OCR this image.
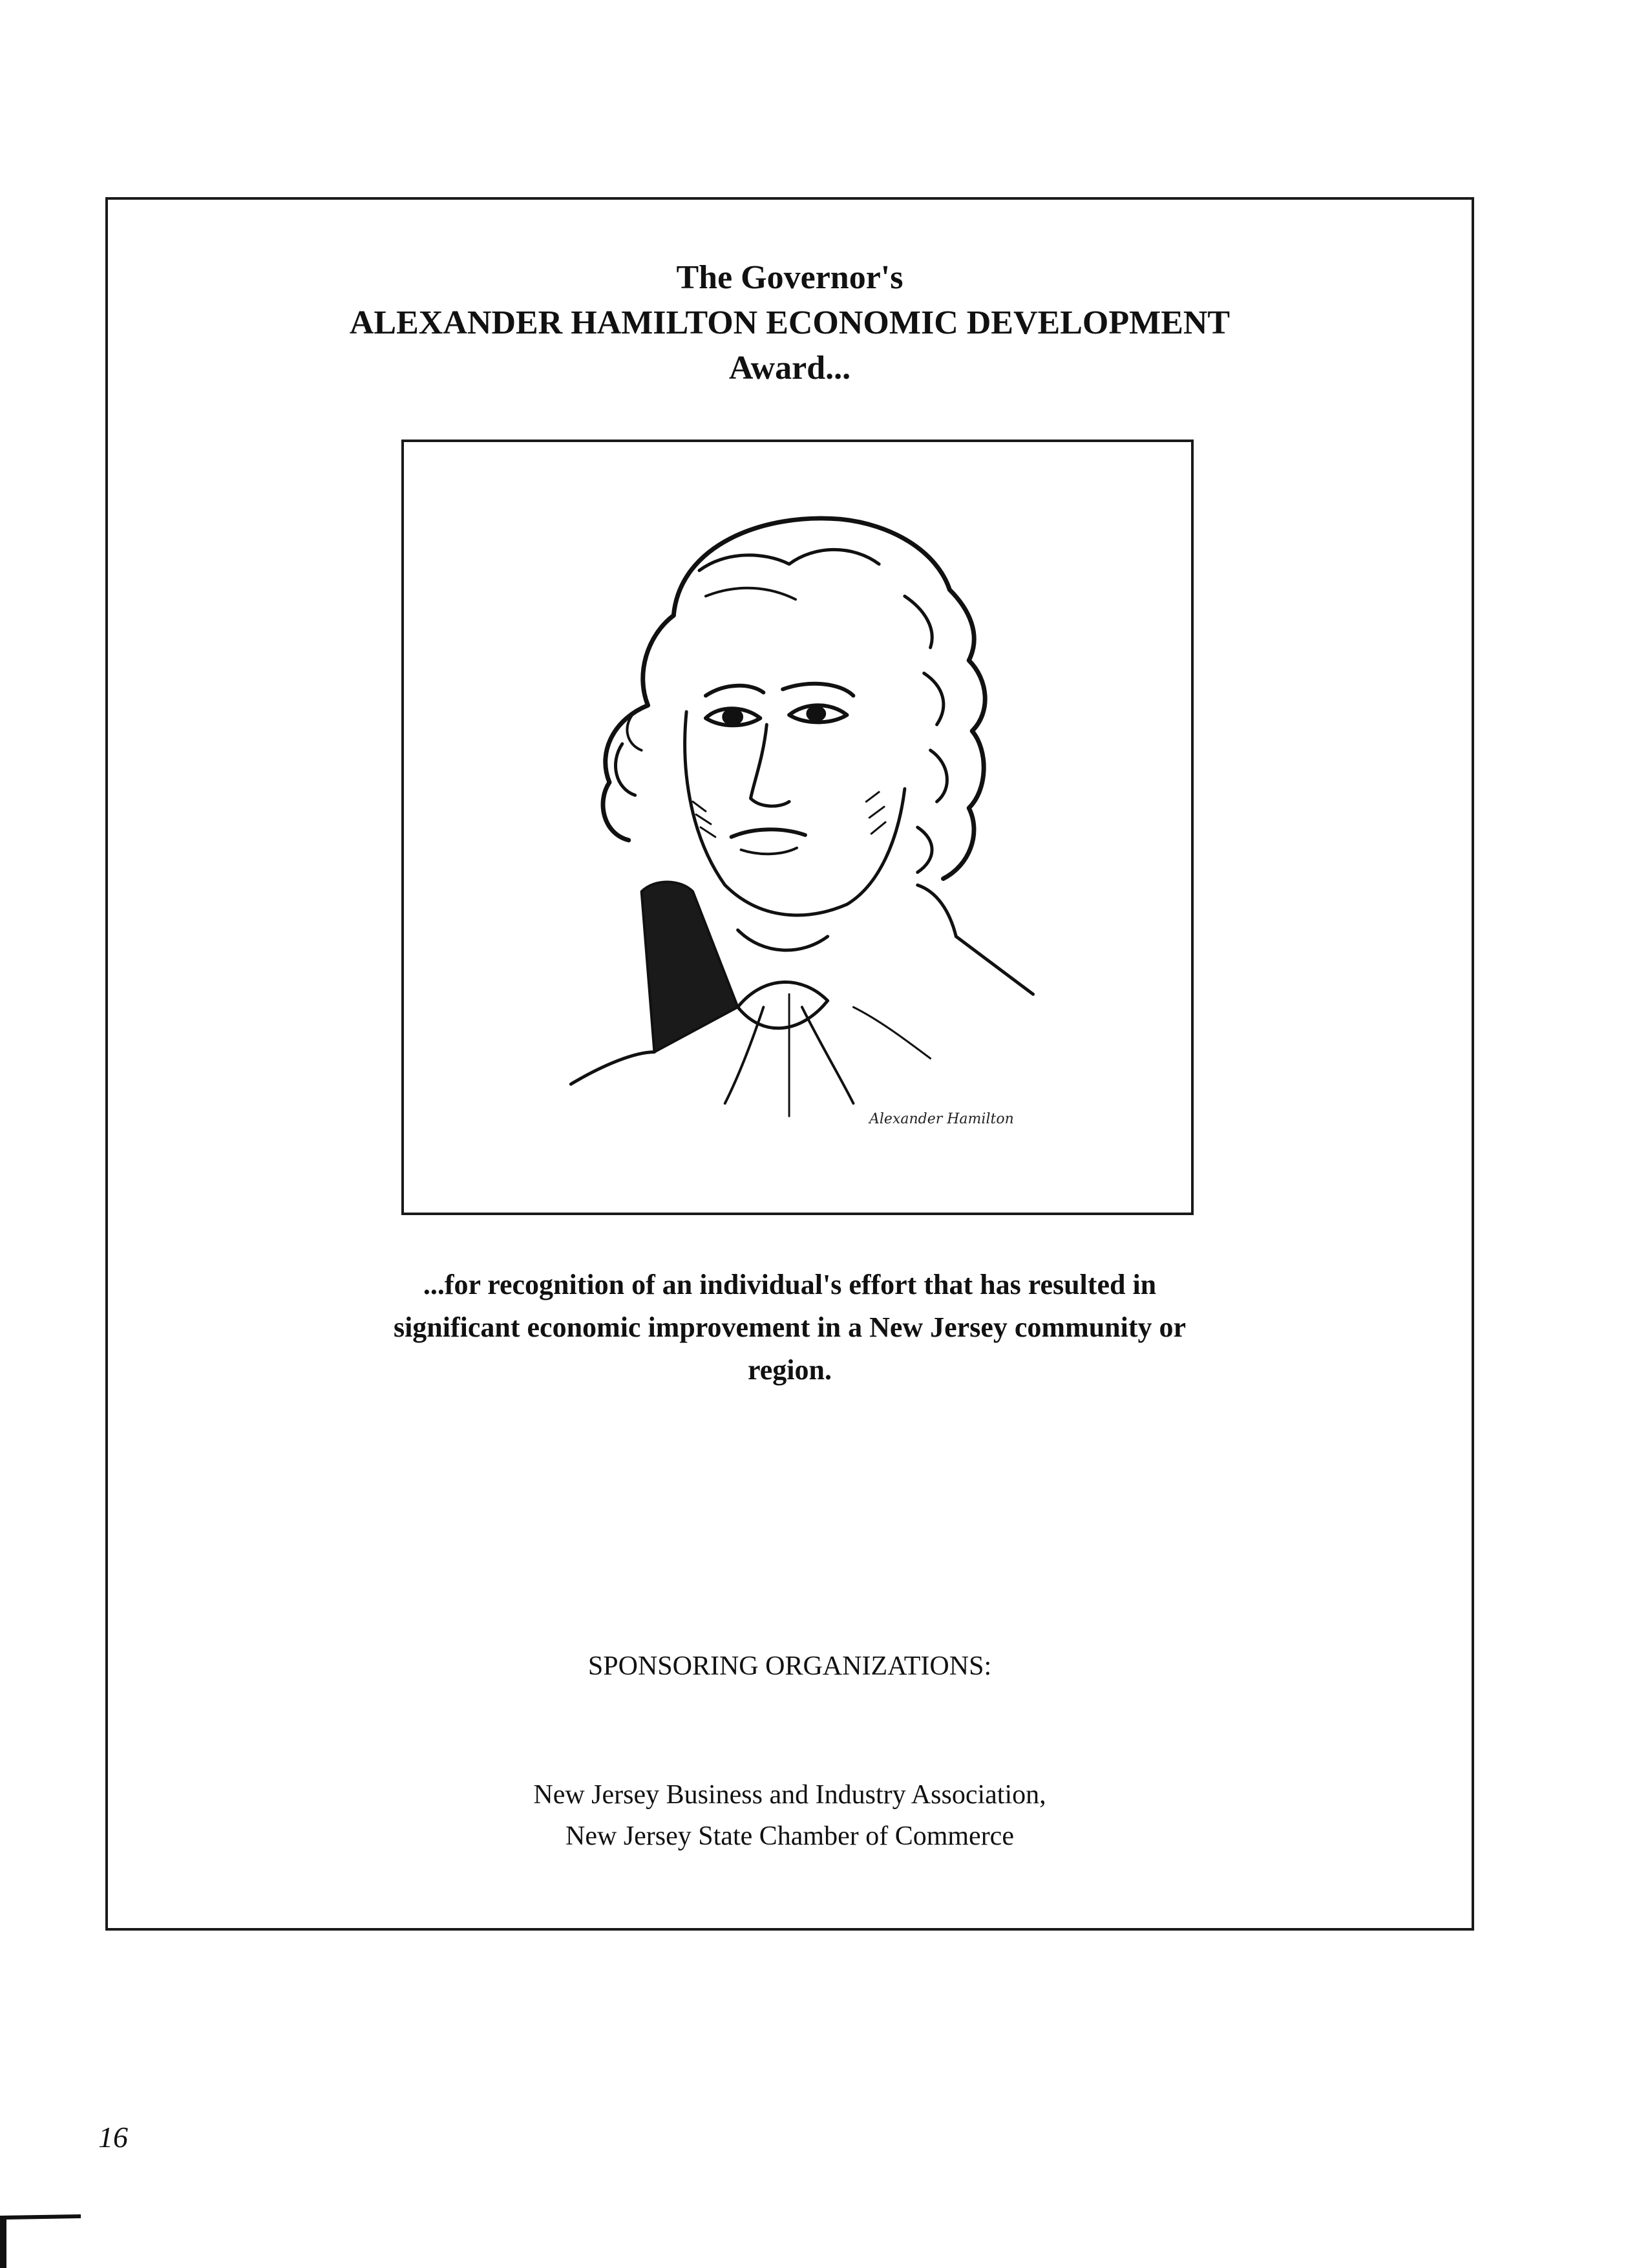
The Governor's
ALEXANDER HAMILTON ECONOMIC DEVELOPMENT
Award...
Alexander Hamilton
...for recognition of an individual's effort that has resulted in
significant economic improvement in a New Jersey community or
region.
SPONSORING ORGANIZATIONS:
New Jersey Business and Industry Association,
New Jersey State Chamber of Commerce
16
